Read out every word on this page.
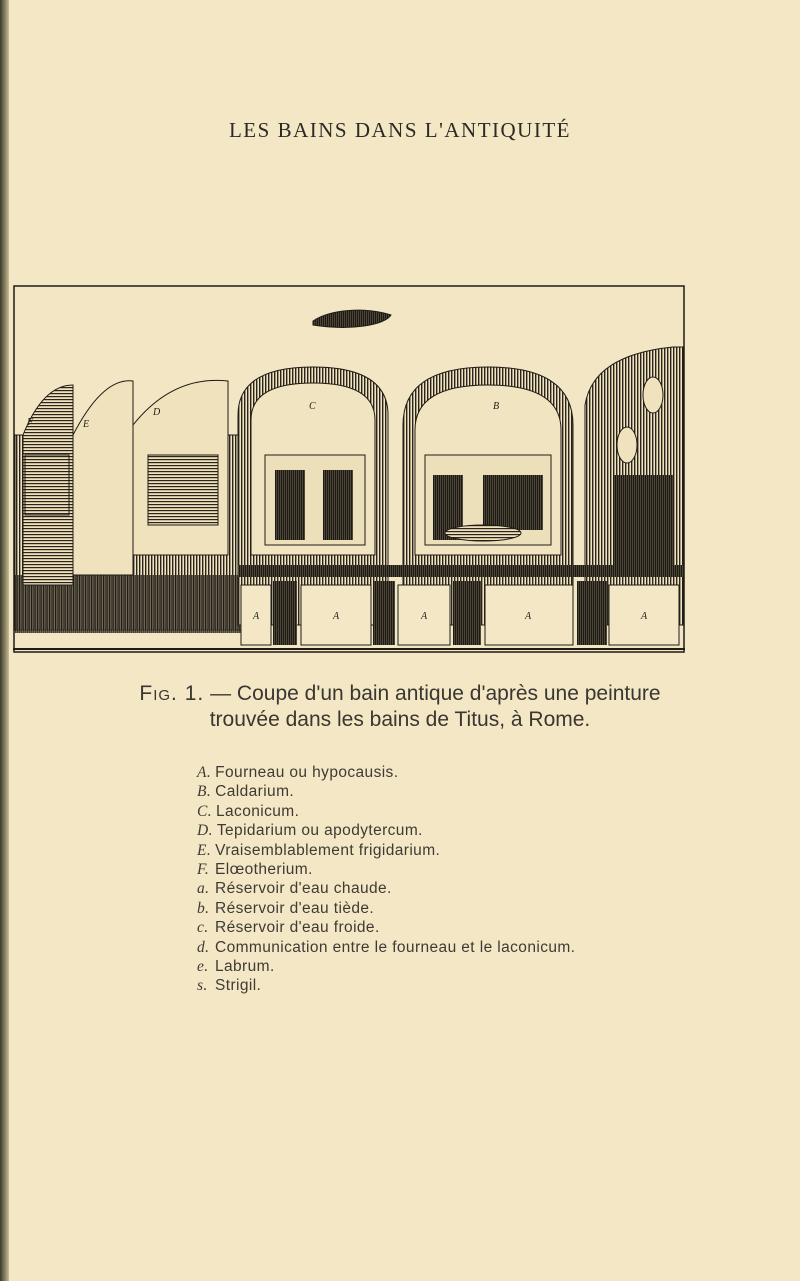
LES BAINS DANS L'ANTIQUITÉ
F	E
D
C	B
A	A	A	A	A
Fig. 1. — Coupe d'un bain antique d'après une peinture
trouvée dans les bains de Titus, à Rome.
A. Fourneau ou hypocausis.
B. Caldarium.
C. Laconicum.
D. Tepidarium ou apodytercum.
E. Vraisemblablement frigidarium.
F. Elœotherium.
a. Réservoir d'eau chaude.
b. Réservoir d'eau tiède.
c. Réservoir d'eau froide.
d. Communication entre le fourneau et le laconicum.
e. Labrum.
s. Strigil.
